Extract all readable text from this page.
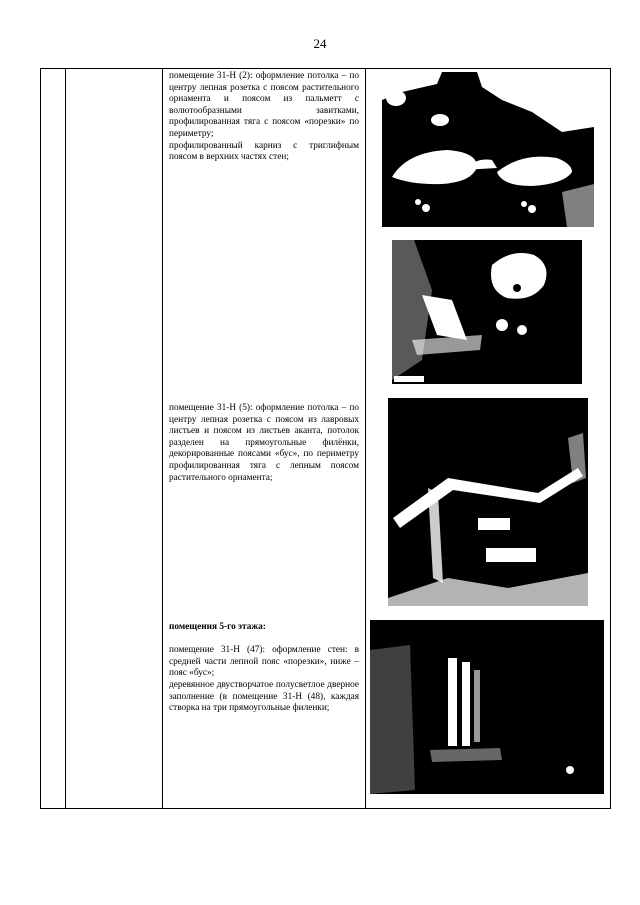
24

помещение 31-Н (2): оформление потолка – по центру лепная розетка с поясом растительного орнамента и поясом из пальметт с волютообразными завитками, профилированная тяга с поясом «порезки» по периметру;

профилированный карниз с триглифным поясом в верхних частях стен;

помещение 31-Н (5): оформление потолка – по центру лепная розетка с поясом из лавровых листьев и поясом из листьев аканта, потолок разделен на прямоугольные филёнки, декорированные поясами «бус», по периметру профилированная тяга с лепным поясом растительного орнамента;

помещения 5-го этажа:

помещение 31-Н (47): оформление стен: в средней части лепной пояс «порезки», ниже – пояс «бус»;

деревянное двустворчатое полусветлое дверное заполнение (в помещение 31-Н (48), каждая створка на три прямоугольные филенки;
